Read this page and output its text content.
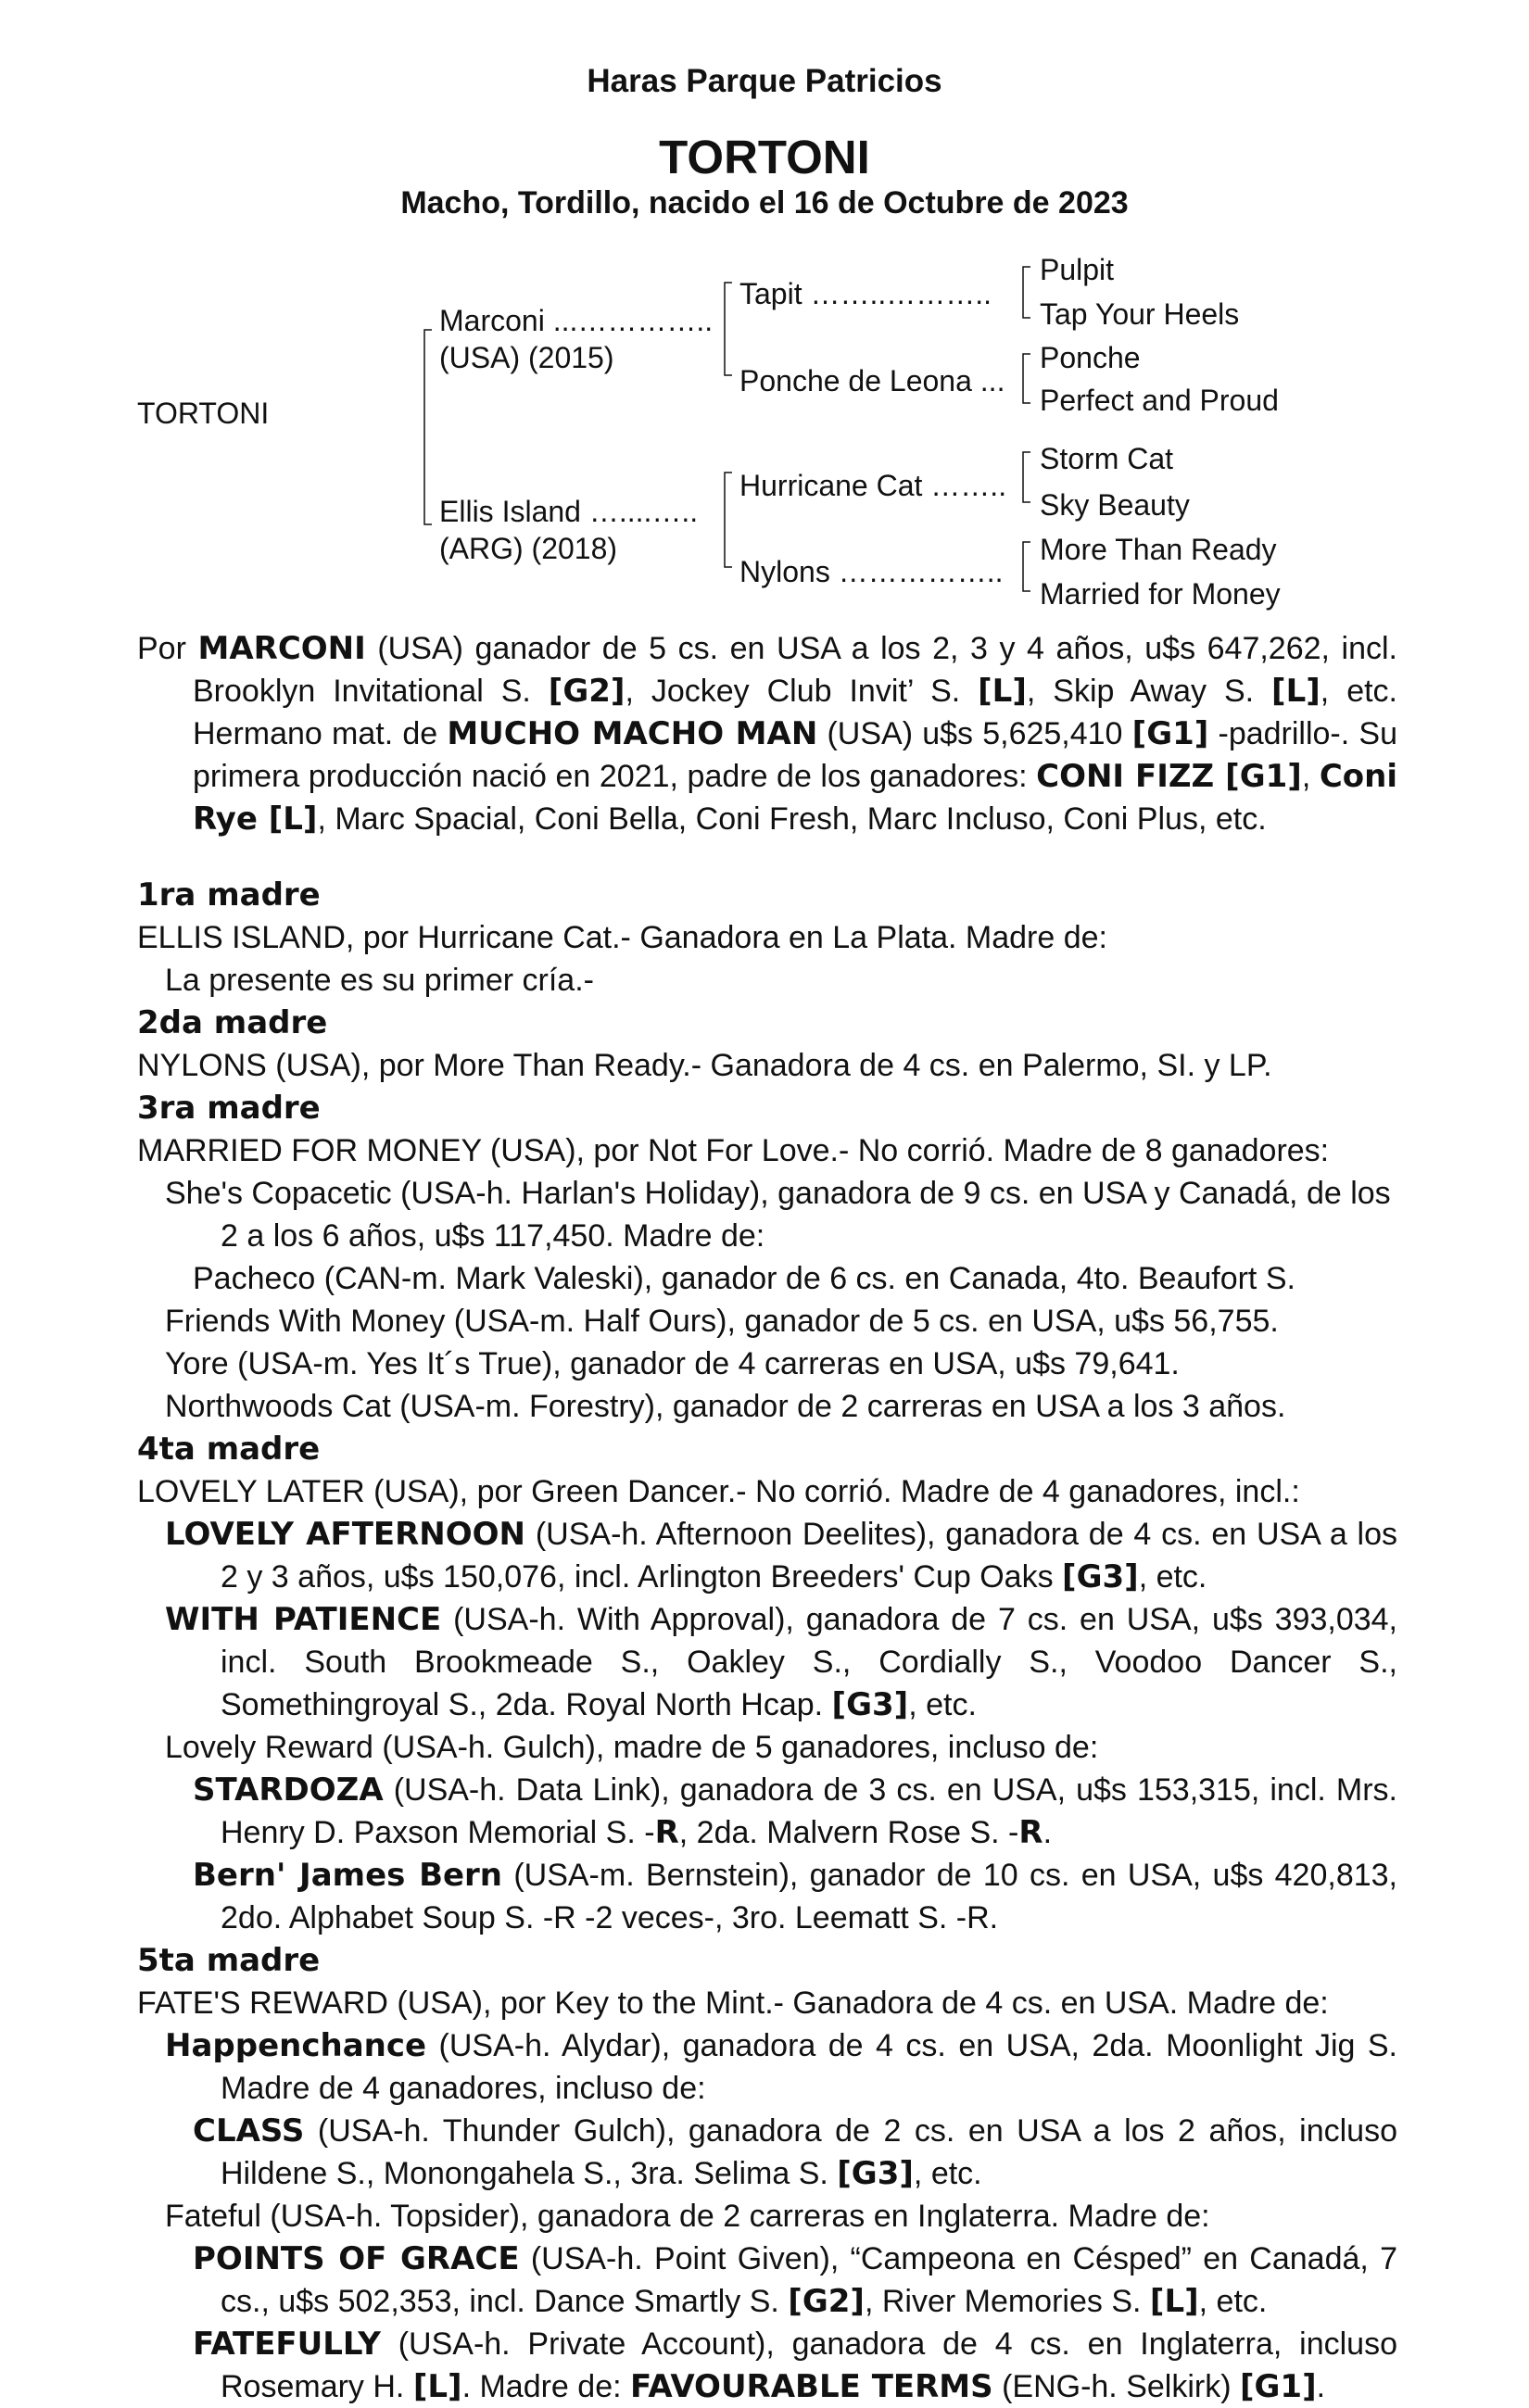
Haras Parque Patricios
TORTONI
Macho, Tordillo, nacido el 16 de Octubre de 2023
TORTONI
Marconi ...…………..
(USA) (2015)
Ellis Island …....…..
(ARG) (2018)
Tapit ……..………..
Ponche de Leona ...
Hurricane Cat ……..
Nylons ……………..
Pulpit
Tap Your Heels
Ponche
Perfect and Proud
Storm Cat
Sky Beauty
More Than Ready
Married for Money
Por MARCONI (USA) ganador de 5 cs. en USA a los 2, 3 y 4 años, u$s 647,262, incl. Brooklyn Invitational S. [G2], Jockey Club Invit’ S. [L], Skip Away S. [L], etc. Hermano mat. de MUCHO MACHO MAN (USA) u$s 5,625,410 [G1] -padrillo-. Su primera producción nació en 2021, padre de los ganadores: CONI FIZZ [G1], Coni Rye [L], Marc Spacial, Coni Bella, Coni Fresh, Marc Incluso, Coni Plus, etc.
1ra madre
ELLIS ISLAND, por Hurricane Cat.- Ganadora en La Plata. Madre de:
La presente es su primer cría.-
2da madre
NYLONS (USA), por More Than Ready.- Ganadora de 4 cs. en Palermo, SI. y LP.
3ra madre
MARRIED FOR MONEY (USA), por Not For Love.- No corrió. Madre de 8 ganadores:
She's Copacetic (USA-h. Harlan's Holiday), ganadora de 9 cs. en USA y Canadá, de los 2 a los 6 años, u$s 117,450. Madre de:
Pacheco (CAN-m. Mark Valeski), ganador de 6 cs. en Canada, 4to. Beaufort S.
Friends With Money (USA-m. Half Ours), ganador de 5 cs. en USA, u$s 56,755.
Yore (USA-m. Yes It´s True), ganador de 4 carreras en USA, u$s 79,641.
Northwoods Cat (USA-m. Forestry), ganador de 2 carreras en USA a los 3 años.
4ta madre
LOVELY LATER (USA), por Green Dancer.- No corrió. Madre de 4 ganadores, incl.:
LOVELY AFTERNOON (USA-h. Afternoon Deelites), ganadora de 4 cs. en USA a los 2 y 3 años, u$s 150,076, incl. Arlington Breeders' Cup Oaks [G3], etc.
WITH PATIENCE (USA-h. With Approval), ganadora de 7 cs. en USA, u$s 393,034, incl. South Brookmeade S., Oakley S., Cordially S., Voodoo Dancer S., Somethingroyal S., 2da. Royal North Hcap. [G3], etc.
Lovely Reward (USA-h. Gulch), madre de 5 ganadores, incluso de:
STARDOZA (USA-h. Data Link), ganadora de 3 cs. en USA, u$s 153,315, incl. Mrs. Henry D. Paxson Memorial S. -R, 2da. Malvern Rose S. -R.
Bern' James Bern (USA-m. Bernstein), ganador de 10 cs. en USA, u$s 420,813, 2do. Alphabet Soup S. -R -2 veces-, 3ro. Leematt S. -R.
5ta madre
FATE'S REWARD (USA), por Key to the Mint.- Ganadora de 4 cs. en USA. Madre de:
Happenchance (USA-h. Alydar), ganadora de 4 cs. en USA, 2da. Moonlight Jig S. Madre de 4 ganadores, incluso de:
CLASS (USA-h. Thunder Gulch), ganadora de 2 cs. en USA a los 2 años, incluso Hildene S., Monongahela S., 3ra. Selima S. [G3], etc.
Fateful (USA-h. Topsider), ganadora de 2 carreras en Inglaterra. Madre de:
POINTS OF GRACE (USA-h. Point Given), “Campeona en Césped” en Canadá, 7 cs., u$s 502,353, incl. Dance Smartly S. [G2], River Memories S. [L], etc.
FATEFULLY (USA-h. Private Account), ganadora de 4 cs. en Inglaterra, incluso Rosemary H. [L]. Madre de: FAVOURABLE TERMS (ENG-h. Selkirk) [G1].
